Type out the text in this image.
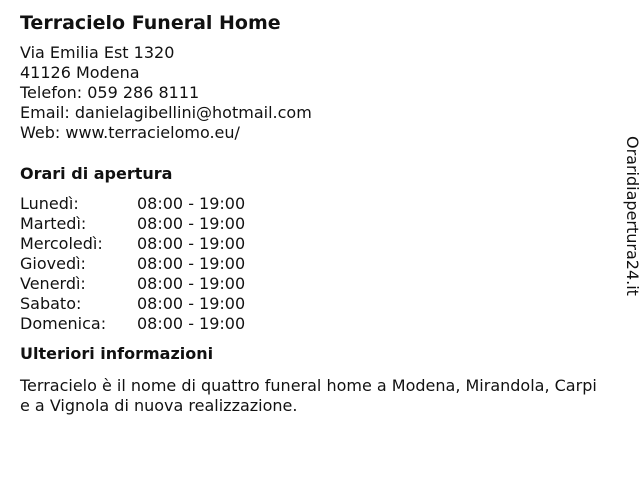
Terracielo Funeral Home
Via Emilia Est 1320
41126 Modena
Telefon: 059 286 8111
Email: danielagibellini@hotmail.com
Web: www.terracielomo.eu/
Orari di apertura
Lunedì:	08:00 - 19:00
Martedì:	08:00 - 19:00
Mercoledì:	08:00 - 19:00
Giovedì:	08:00 - 19:00
Venerdì:	08:00 - 19:00
Sabato:	08:00 - 19:00
Domenica:	08:00 - 19:00
Ulteriori informazioni
Terracielo è il nome di quattro funeral home a Modena, Mirandola, Carpi e a Vignola di nuova realizzazione.
Oraridiapertura24.it
